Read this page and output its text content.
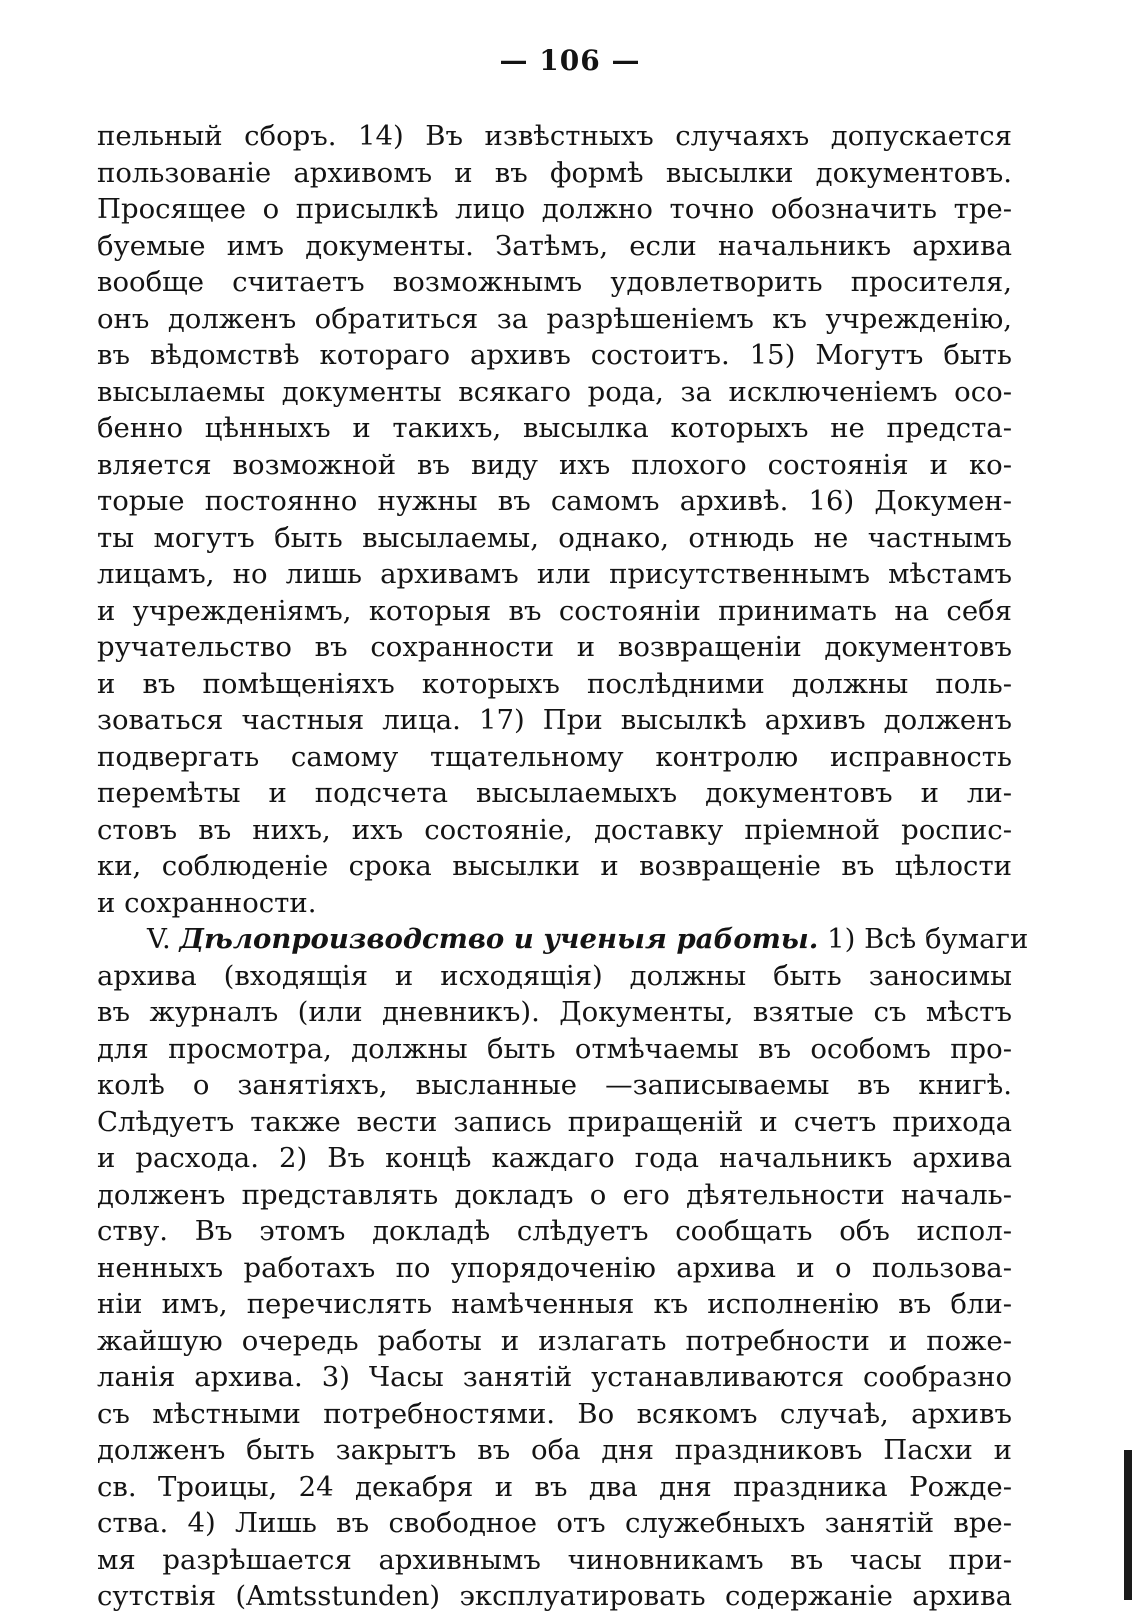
— 106 —
пельный сборъ. 14) Въ извѣстныхъ случаяхъ допускается
пользованіе архивомъ и въ формѣ высылки документовъ.
Просящее о присылкѣ лицо должно точно обозначить тре-
буемые имъ документы. Затѣмъ, если начальникъ архива
вообще считаетъ возможнымъ удовлетворить просителя,
онъ долженъ обратиться за разрѣшеніемъ къ учрежденію,
въ вѣдомствѣ котораго архивъ состоитъ. 15) Могутъ быть
высылаемы документы всякаго рода, за исключеніемъ осо-
бенно цѣнныхъ и такихъ, высылка которыхъ не предста-
вляется возможной въ виду ихъ плохого состоянія и ко-
торые постоянно нужны въ самомъ архивѣ. 16) Докумен-
ты могутъ быть высылаемы, однако, отнюдь не частнымъ
лицамъ, но лишь архивамъ или присутственнымъ мѣстамъ
и учрежденіямъ, которыя въ состояніи принимать на себя
ручательство въ сохранности и возвращеніи документовъ
и въ помѣщеніяхъ которыхъ послѣдними должны поль-
зоваться частныя лица. 17) При высылкѣ архивъ долженъ
подвергать самому тщательному контролю исправность
перемѣты и подсчета высылаемыхъ документовъ и ли-
стовъ въ нихъ, ихъ состояніе, доставку пріемной роспис-
ки, соблюденіе срока высылки и возвращеніе въ цѣлости
и сохранности.
V. Дѣлопроизводство и ученыя работы. 1) Всѣ бумаги
архива (входящія и исходящія) должны быть заносимы
въ журналъ (или дневникъ). Документы, взятые съ мѣстъ
для просмотра, должны быть отмѣчаемы въ особомъ про-
колѣ о занятіяхъ, высланные —записываемы въ книгѣ.
Слѣдуетъ также вести запись приращеній и счетъ прихода
и расхода. 2) Въ концѣ каждаго года начальникъ архива
долженъ представлять докладъ о его дѣятельности началь-
ству. Въ этомъ докладѣ слѣдуетъ сообщать объ испол-
ненныхъ работахъ по упорядоченію архива и о пользова-
ніи имъ, перечислять намѣченныя къ исполненію въ бли-
жайшую очередь работы и излагать потребности и поже-
ланія архива. 3) Часы занятій устанавливаются сообразно
съ мѣстными потребностями. Во всякомъ случаѣ, архивъ
долженъ быть закрытъ въ оба дня праздниковъ Пасхи и
св. Троицы, 24 декабря и въ два дня праздника Рожде-
ства. 4) Лишь въ свободное отъ служебныхъ занятій вре-
мя разрѣшается архивнымъ чиновникамъ въ часы при-
сутствія (Amtsstunden) эксплуатировать содержаніе архива
